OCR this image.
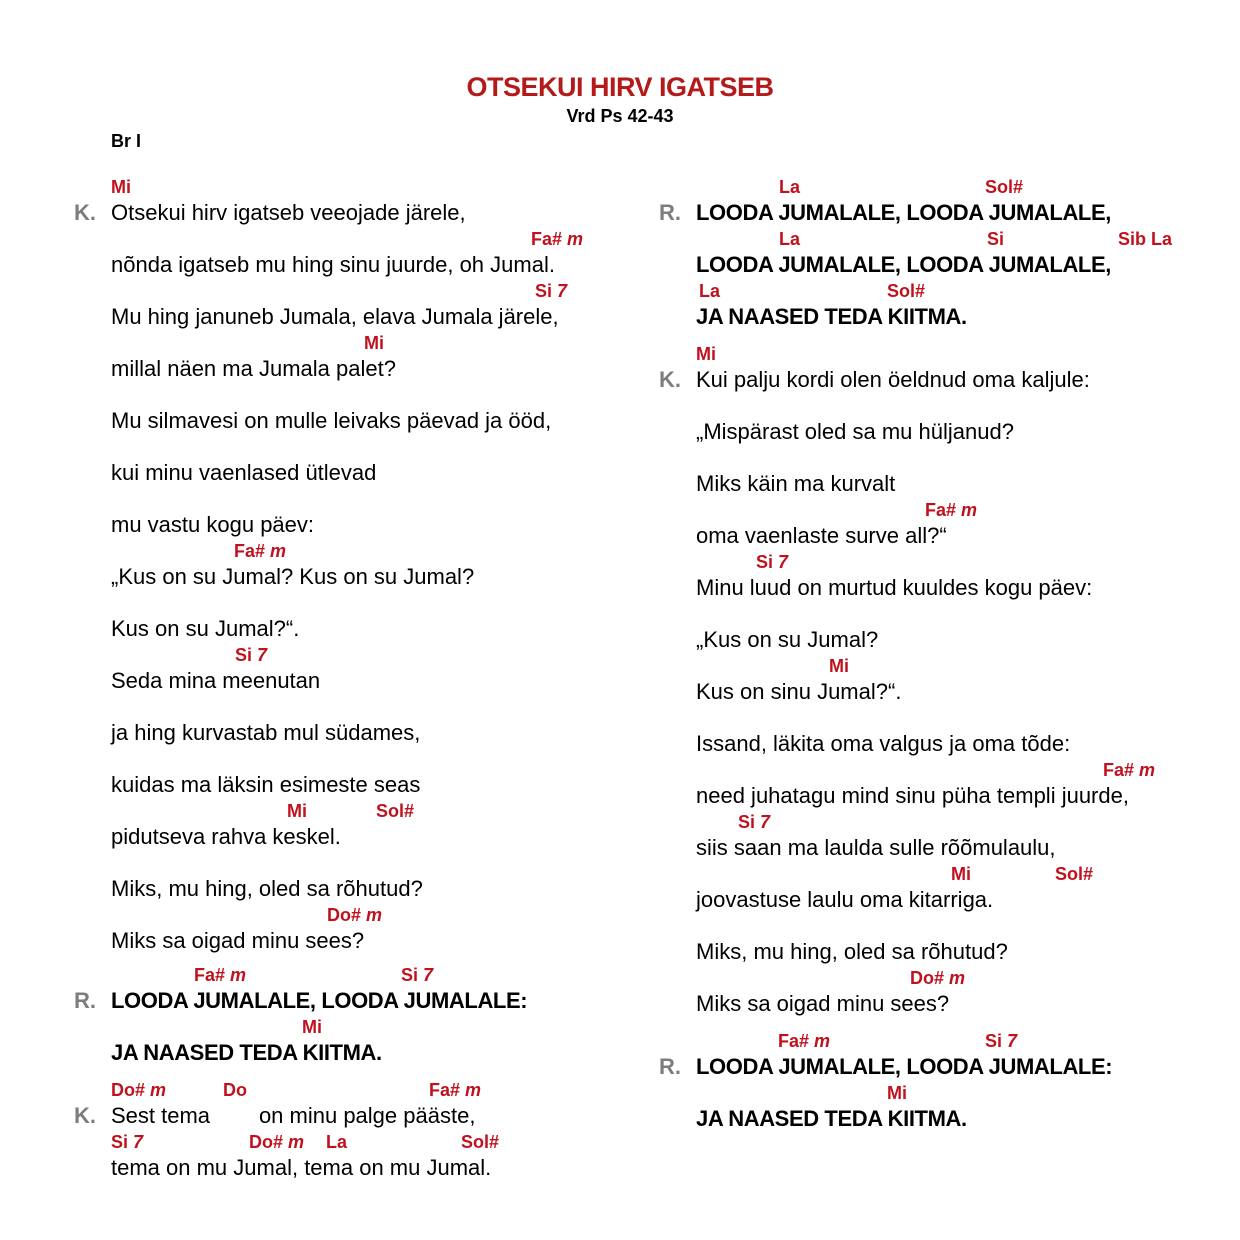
OTSEKUI HIRV IGATSEB
Vrd Ps 42-43
Br I
Mi
K. Otsekui hirv igatseb veeojade järele,
Fa# m
nõnda igatseb mu hing sinu juurde, oh Jumal.
Si 7
Mu hing januneb Jumala, elava Jumala järele,
Mi
millal näen ma Jumala palet?
Mu silmavesi on mulle leivaks päevad ja ööd,
kui minu vaenlased ütlevad
mu vastu kogu päev:
Fa# m
„Kus on su Jumal? Kus on su Jumal?
Kus on su Jumal?“.
Si 7
Seda mina meenutan
ja hing kurvastab mul südames,
kuidas ma läksin esimeste seas
Mi	Sol#
pidutseva rahva keskel.
Miks, mu hing, oled sa rõhutud?
Do# m
Miks sa oigad minu sees?
Fa# m	Si 7
R. LOODA JUMALALE, LOODA JUMALALE:
Mi
JA NAASED TEDA KIITMA.
Do# m	Do	Fa# m
K. Sest tema        on minu palge pääste,
Si 7	Do# m La	Sol#
tema on mu Jumal, tema on mu Jumal.
La	Sol#
R. LOODA JUMALALE, LOODA JUMALALE,
La	Si	Sib La
LOODA JUMALALE, LOODA JUMALALE,
La	Sol#
JA NAASED TEDA KIITMA.
Mi
K. Kui palju kordi olen öeldnud oma kaljule:
„Mispärast oled sa mu hüljanud?
Miks käin ma kurvalt
Fa# m
oma vaenlaste surve all?“
Si 7
Minu luud on murtud kuuldes kogu päev:
„Kus on su Jumal?
Mi
Kus on sinu Jumal?“.
Issand, läkita oma valgus ja oma tõde:
Fa# m
need juhatagu mind sinu püha templi juurde,
Si 7
siis saan ma laulda sulle rõõmulaulu,
Mi	Sol#
joovastuse laulu oma kitarriga.
Miks, mu hing, oled sa rõhutud?
Do# m
Miks sa oigad minu sees?
Fa# m	Si 7
R. LOODA JUMALALE, LOODA JUMALALE:
Mi
JA NAASED TEDA KIITMA.
